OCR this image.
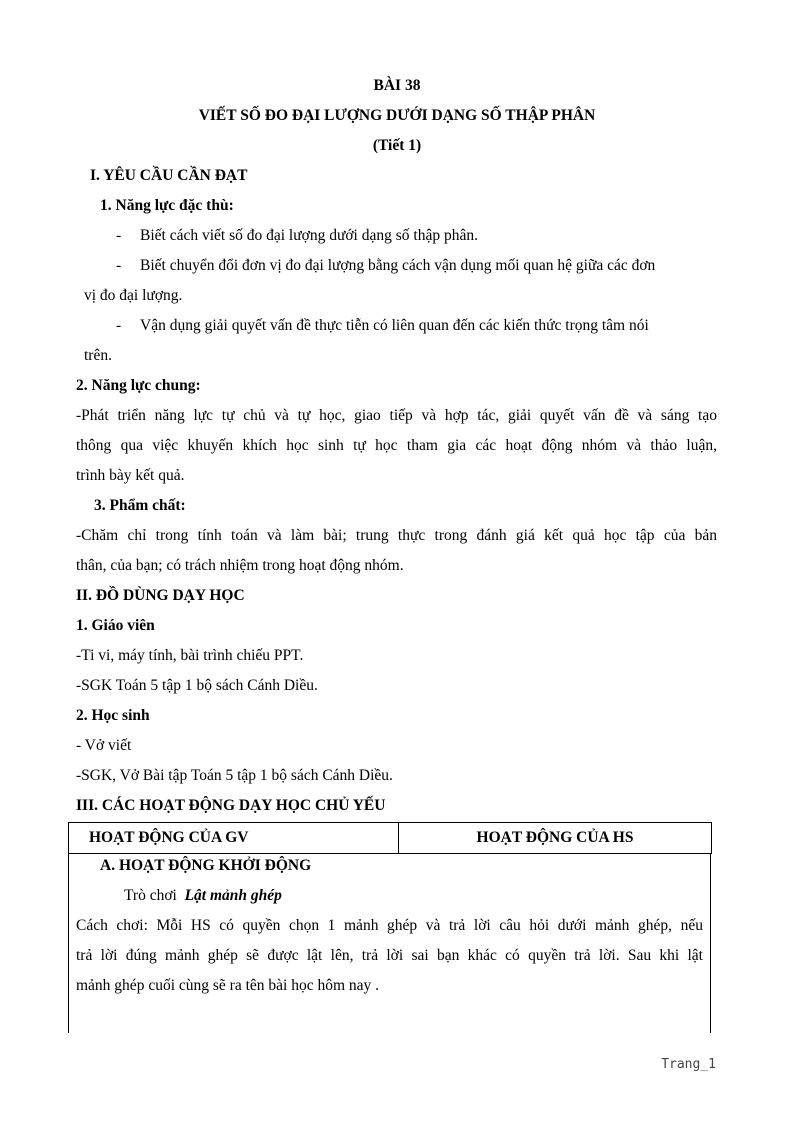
BÀI 38
VIẾT SỐ ĐO ĐẠI LƯỢNG DƯỚI DẠNG SỐ THẬP PHÂN
(Tiết 1)
I. YÊU CẦU CẦN ĐẠT
1. Năng lực đặc thù:
- Biết cách viết số đo đại lượng dưới dạng số thập phân.
- Biết chuyển đổi đơn vị đo đại lượng bằng cách vận dụng mối quan hệ giữa các đơn
vị đo đại lượng.
- Vận dụng giải quyết vấn đề thực tiễn có liên quan đến các kiến thức trọng tâm nói
trên.
2. Năng lực chung:
-Phát triển năng lực tự chủ và tự học, giao tiếp và hợp tác, giải quyết vấn đề và sáng tạo
thông qua việc khuyến khích học sinh tự học tham gia các hoạt động nhóm và thảo luận,
trình bày kết quả.
3. Phẩm chất:
-Chăm chỉ trong tính toán và làm bài; trung thực trong đánh giá kết quả học tập của bản
thân, của bạn; có trách nhiệm trong hoạt động nhóm.
II. ĐỒ DÙNG DẠY HỌC
1. Giáo viên
-Ti vi, máy tính, bài trình chiếu PPT.
-SGK Toán 5 tập 1 bộ sách Cánh Diều.
2. Học sinh
- Vở viết
-SGK, Vở Bài tập Toán 5 tập 1 bộ sách Cánh Diều.
III. CÁC HOẠT ĐỘNG DẠY HỌC CHỦ YẾU
HOẠT ĐỘNG CỦA GV	HOẠT ĐỘNG CỦA HS
A. HOẠT ĐỘNG KHỞI ĐỘNG
Trò chơi Lật mảnh ghép
Cách chơi: Mỗi HS có quyền chọn 1 mảnh ghép và trả lời câu hỏi dưới mảnh ghép, nếu
trả lời đúng mảnh ghép sẽ được lật lên, trả lời sai bạn khác có quyền trả lời. Sau khi lật
mảnh ghép cuối cùng sẽ ra tên bài học hôm nay .
Trang_1
